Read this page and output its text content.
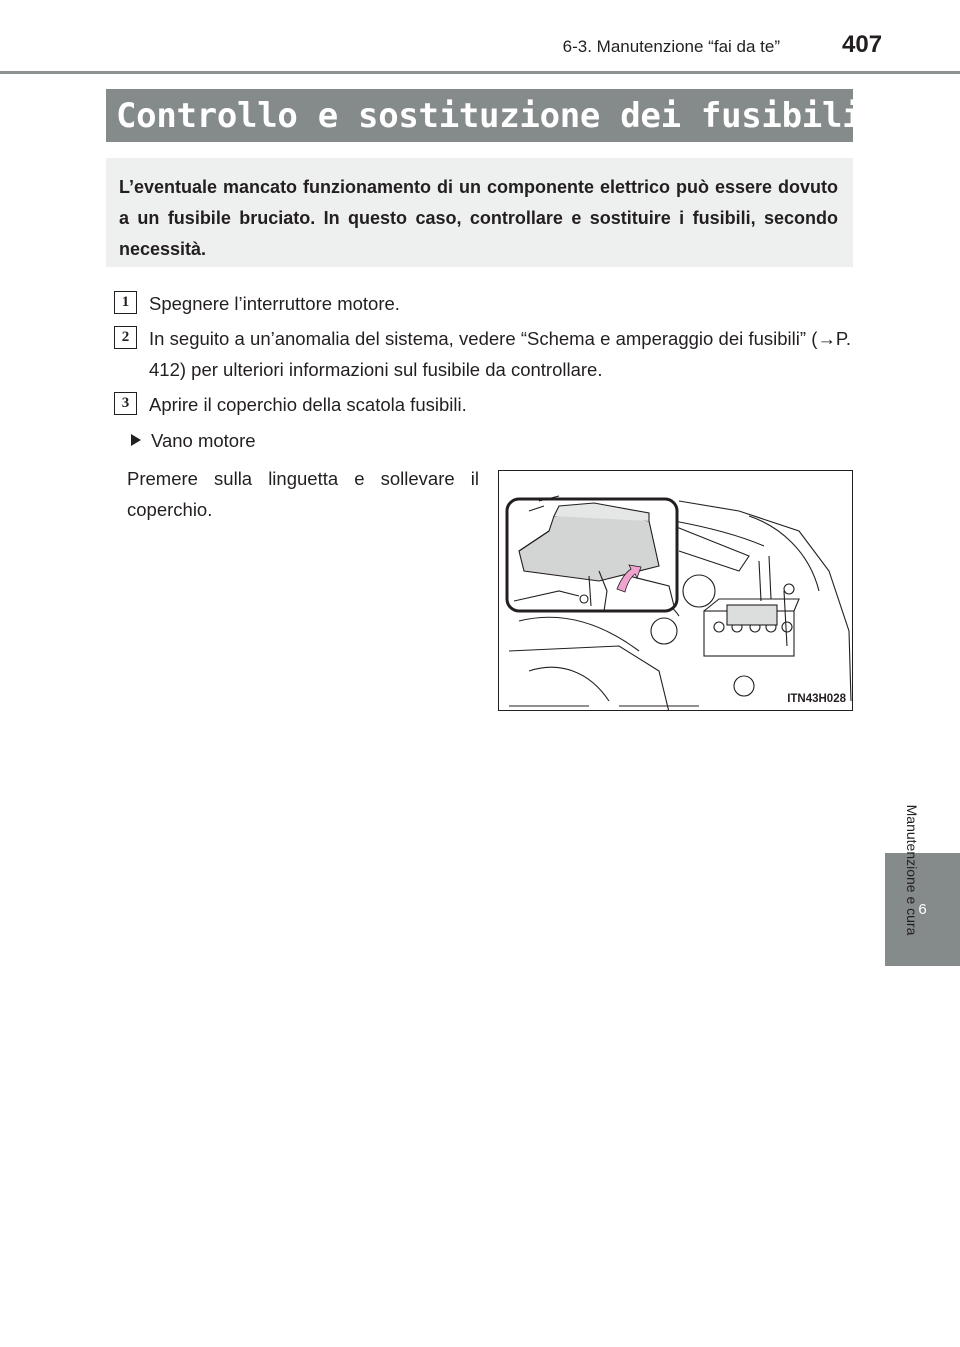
6-3. Manutenzione “fai da te”	407
Controllo e sostituzione dei fusibili

L’eventuale mancato funzionamento di un componente elettrico può essere dovuto a un fusibile bruciato. In questo caso, controllare e sostituire i fusibili, secondo necessità.

1	Spegnere l’interruttore motore.
2	In seguito a un’anomalia del sistema, vedere “Schema e amperaggio dei fusibili” (→P. 412) per ulteriori informazioni sul fusibile da controllare.
3	Aprire il coperchio della scatola fusibili.
Vano motore
Premere sulla linguetta e sollevare il coperchio.
ITN43H028
6
Manutenzione e cura
